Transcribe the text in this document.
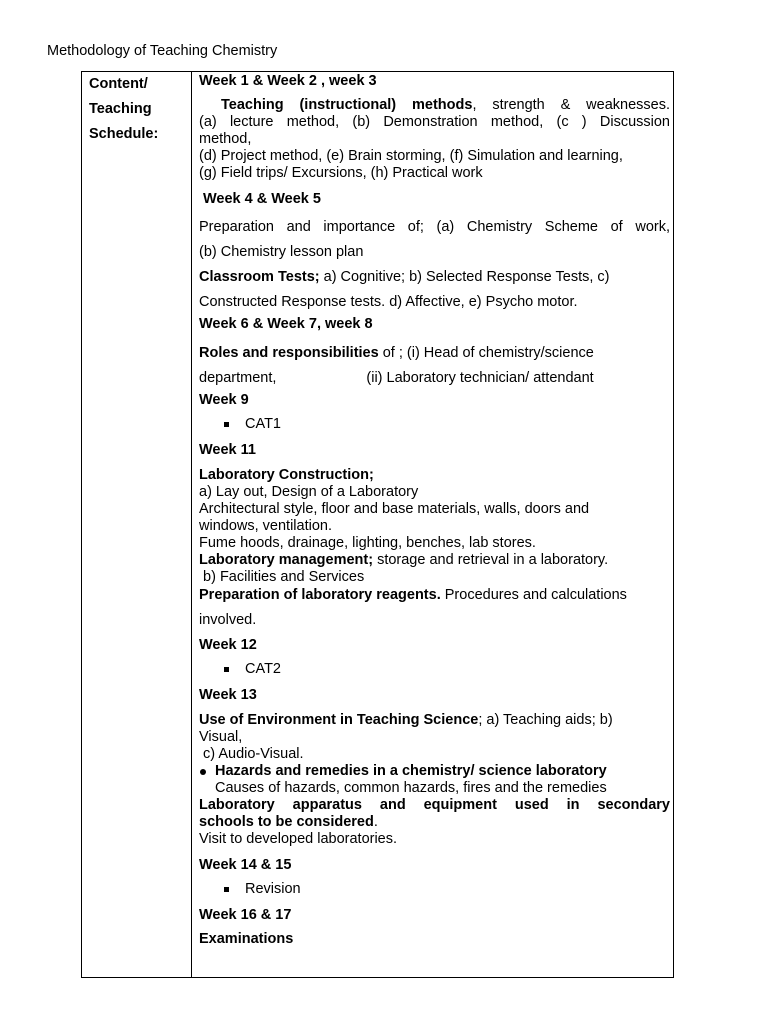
Methodology of Teaching Chemistry
Content/
Teaching
Schedule:
Week 1 & Week 2 , week 3
Teaching (instructional) methods, strength & weaknesses.
(a) lecture method, (b) Demonstration method, (c ) Discussion
method,
(d) Project method, (e) Brain storming, (f) Simulation and learning,
(g) Field trips/ Excursions, (h) Practical work
Week 4 & Week 5
Preparation and importance of; (a) Chemistry Scheme of work,
(b) Chemistry lesson plan
Classroom Tests; a) Cognitive; b) Selected Response Tests, c)
Constructed Response tests. d) Affective, e) Psycho motor.
Week 6 & Week 7, week 8
Roles and responsibilities of ; (i) Head of chemistry/science
department,	(ii) Laboratory technician/ attendant
Week 9
CAT1
Week 11
Laboratory Construction;
a) Lay out, Design of a Laboratory
Architectural style, floor and base materials, walls, doors and
windows, ventilation.
Fume hoods, drainage, lighting, benches, lab stores.
Laboratory management; storage and retrieval in a laboratory.
b) Facilities and Services
Preparation of laboratory reagents. Procedures and calculations
involved.
Week 12
CAT2
Week 13
Use of Environment in Teaching Science; a) Teaching aids; b)
Visual,
c) Audio-Visual.
Hazards and remedies in a chemistry/ science laboratory
Causes of hazards, common hazards, fires and the remedies
Laboratory apparatus and equipment used in secondary
schools to be considered.
Visit to developed laboratories.
Week 14 & 15
Revision
Week 16 & 17
Examinations
